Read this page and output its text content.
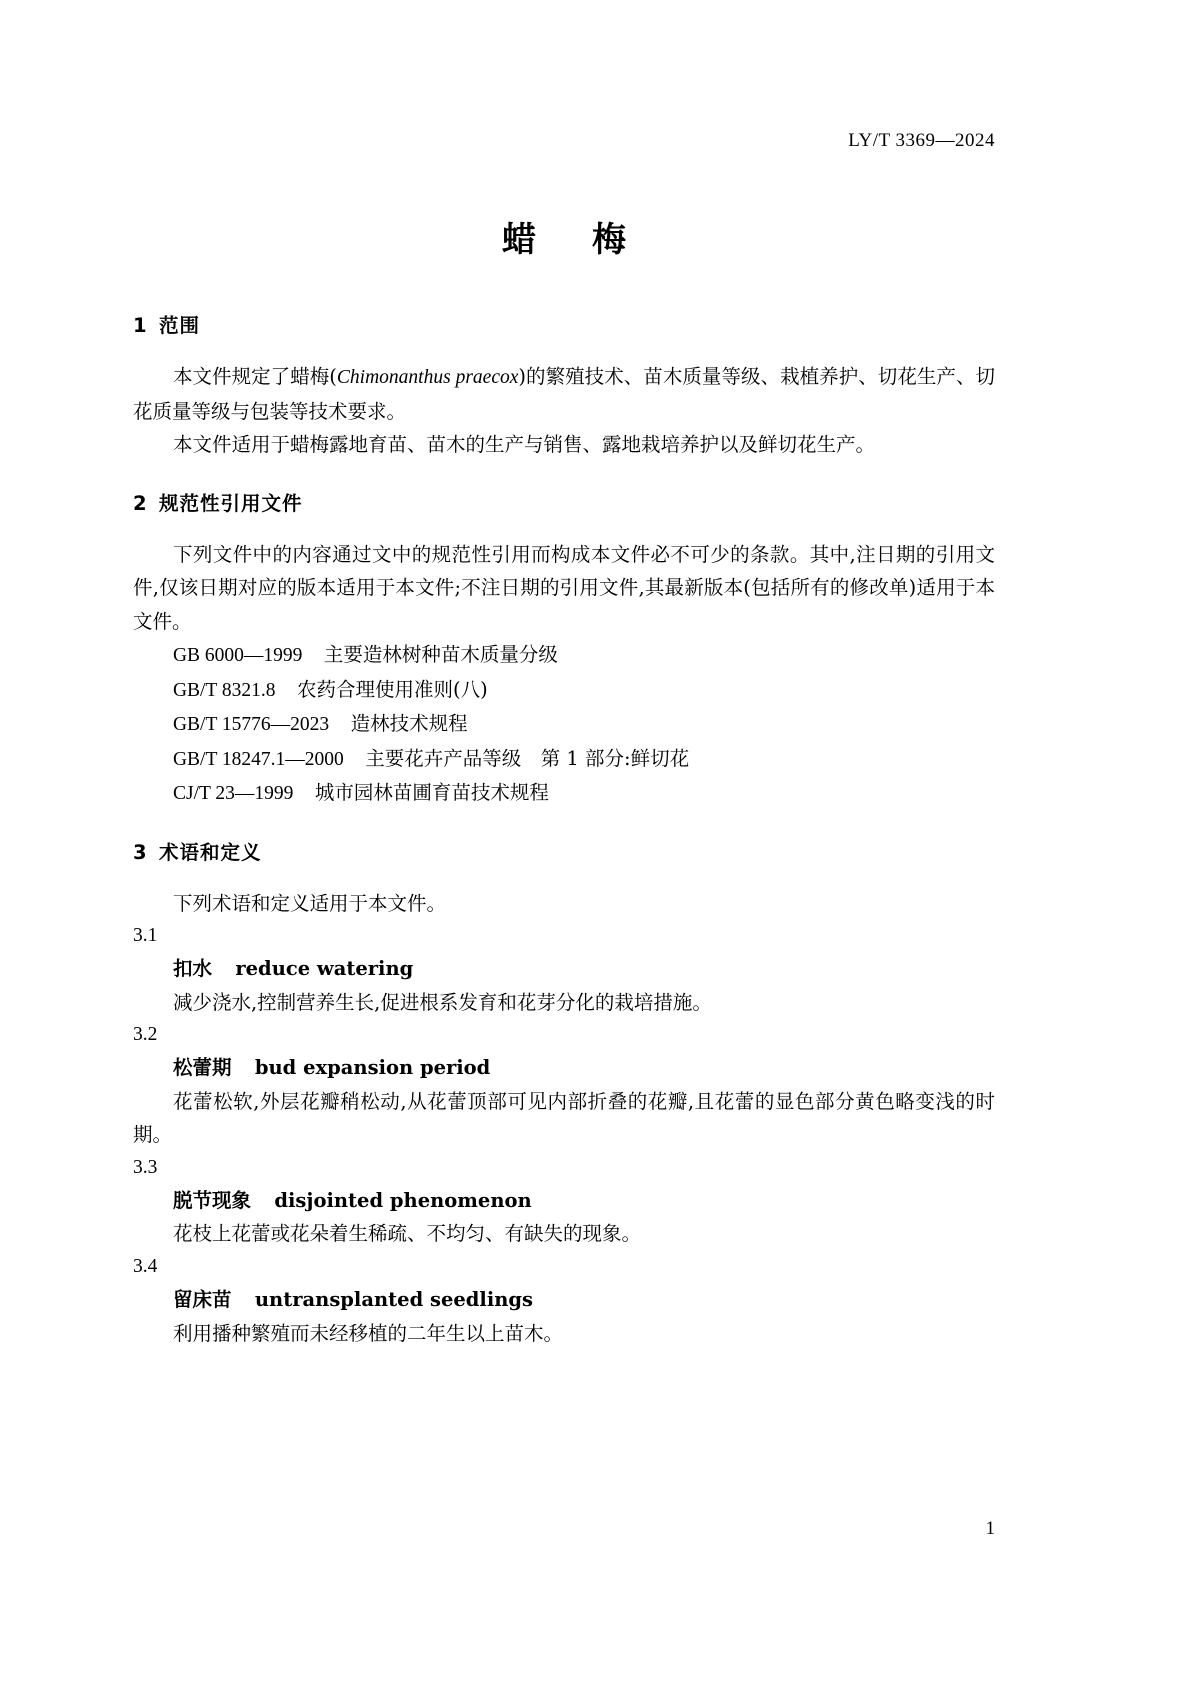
LY/T 3369—2024
蜡梅
1 范围

本文件规定了蜡梅(Chimonanthus praecox)的繁殖技术、苗木质量等级、栽植养护、切花生产、切花质量等级与包装等技术要求。

本文件适用于蜡梅露地育苗、苗木的生产与销售、露地栽培养护以及鲜切花生产。

2 规范性引用文件

下列文件中的内容通过文中的规范性引用而构成本文件必不可少的条款。其中,注日期的引用文件,仅该日期对应的版本适用于本文件;不注日期的引用文件,其最新版本(包括所有的修改单)适用于本文件。

GB 6000—1999 主要造林树种苗木质量分级

GB/T 8321.8 农药合理使用准则(八)

GB/T 15776—2023 造林技术规程

GB/T 18247.1—2000 主要花卉产品等级　第 1 部分:鲜切花

CJ/T 23—1999 城市园林苗圃育苗技术规程

3 术语和定义

下列术语和定义适用于本文件。

3.1

扣水 reduce watering

减少浇水,控制营养生长,促进根系发育和花芽分化的栽培措施。

3.2

松蕾期 bud expansion period

花蕾松软,外层花瓣稍松动,从花蕾顶部可见内部折叠的花瓣,且花蕾的显色部分黄色略变浅的时期。

3.3

脱节现象 disjointed phenomenon

花枝上花蕾或花朵着生稀疏、不均匀、有缺失的现象。

3.4

留床苗 untransplanted seedlings

利用播种繁殖而未经移植的二年生以上苗木。

1
